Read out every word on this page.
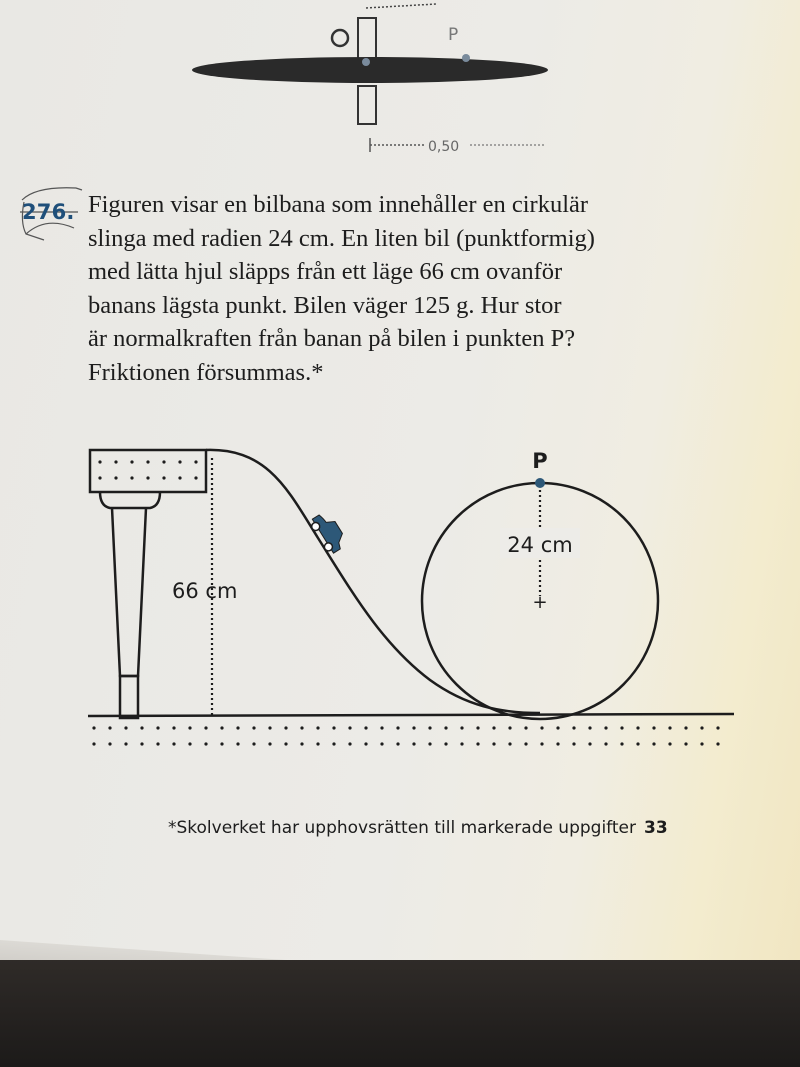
P
0,50
276. Figuren visar en bilbana som innehåller en cirkulär
slinga med radien 24 cm. En liten bil (punktformig)
med lätta hjul släpps från ett läge 66 cm ovanför
banans lägsta punkt. Bilen väger 125 g. Hur stor
är normalkraften från banan på bilen i punkten P?
Friktionen försummas.*
66 cm
P
24 cm
+
*Skolverket har upphovsrätten till markerade uppgifter 33
